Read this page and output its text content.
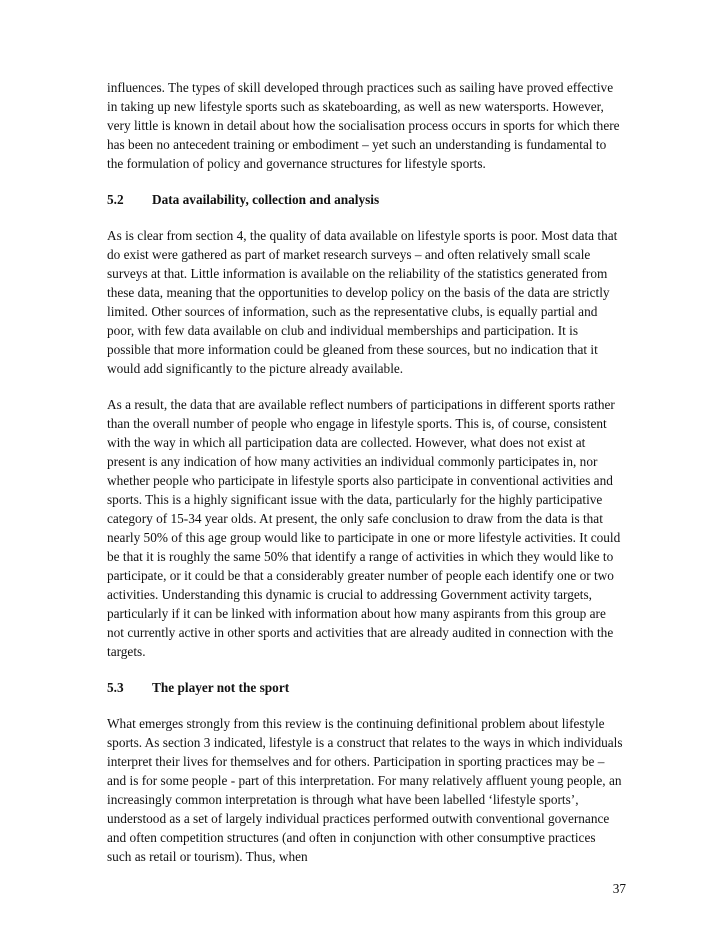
influences. The types of skill developed through practices such as sailing have proved effective in taking up new lifestyle sports such as skateboarding, as well as new watersports. However, very little is known in detail about how the socialisation process occurs in sports for which there has been no antecedent training or embodiment – yet such an understanding is fundamental to the formulation of policy and governance structures for lifestyle sports.

5.2	Data availability, collection and analysis

As is clear from section 4, the quality of data available on lifestyle sports is poor. Most data that do exist were gathered as part of market research surveys – and often relatively small scale surveys at that. Little information is available on the reliability of the statistics generated from these data, meaning that the opportunities to develop policy on the basis of the data are strictly limited. Other sources of information, such as the representative clubs, is equally partial and poor, with few data available on club and individual memberships and participation. It is possible that more information could be gleaned from these sources, but no indication that it would add significantly to the picture already available.

As a result, the data that are available reflect numbers of participations in different sports rather than the overall number of people who engage in lifestyle sports. This is, of course, consistent with the way in which all participation data are collected. However, what does not exist at present is any indication of how many activities an individual commonly participates in, nor whether people who participate in lifestyle sports also participate in conventional activities and sports. This is a highly significant issue with the data, particularly for the highly participative category of 15-34 year olds. At present, the only safe conclusion to draw from the data is that nearly 50% of this age group would like to participate in one or more lifestyle activities. It could be that it is roughly the same 50% that identify a range of activities in which they would like to participate, or it could be that a considerably greater number of people each identify one or two activities. Understanding this dynamic is crucial to addressing Government activity targets, particularly if it can be linked with information about how many aspirants from this group are not currently active in other sports and activities that are already audited in connection with the targets.

5.3	The player not the sport

What emerges strongly from this review is the continuing definitional problem about lifestyle sports. As section 3 indicated, lifestyle is a construct that relates to the ways in which individuals interpret their lives for themselves and for others. Participation in sporting practices may be – and is for some people - part of this interpretation. For many relatively affluent young people, an increasingly common interpretation is through what have been labelled ‘lifestyle sports’, understood as a set of largely individual practices performed outwith conventional governance and often competition structures (and often in conjunction with other consumptive practices such as retail or tourism). Thus, when

37
